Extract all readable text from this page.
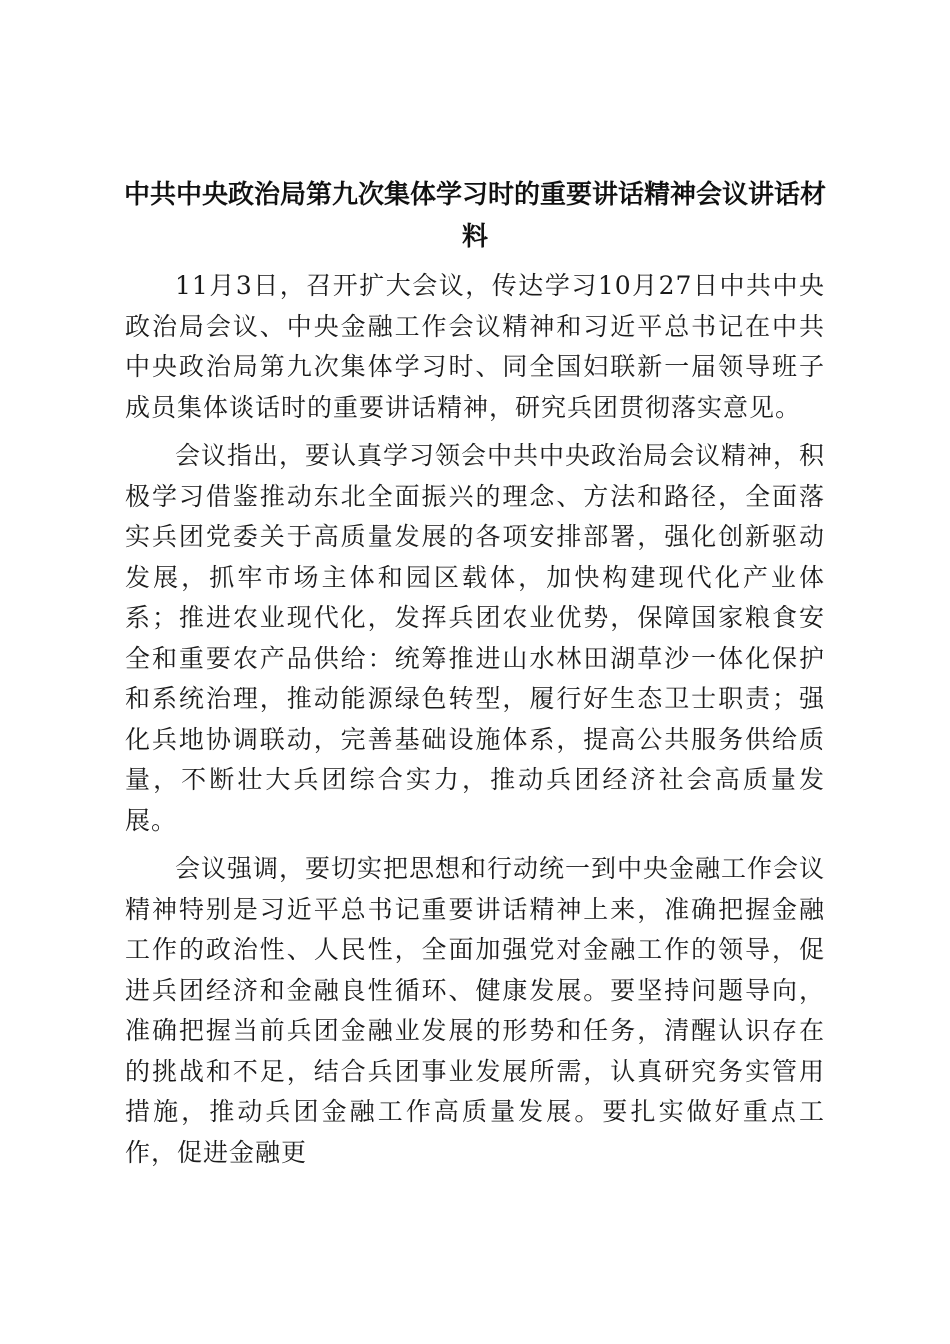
中共中央政治局第九次集体学习时的重要讲话精神会议讲话材料

11月3日，召开扩大会议，传达学习10月27日中共中央政治局会议、中央金融工作会议精神和习近平总书记在中共中央政治局第九次集体学习时、同全国妇联新一届领导班子成员集体谈话时的重要讲话精神，研究兵团贯彻落实意见。

会议指出，要认真学习领会中共中央政治局会议精神，积极学习借鉴推动东北全面振兴的理念、方法和路径，全面落实兵团党委关于高质量发展的各项安排部署，强化创新驱动发展，抓牢市场主体和园区载体，加快构建现代化产业体系；推进农业现代化，发挥兵团农业优势，保障国家粮食安全和重要农产品供给：统筹推进山水林田湖草沙一体化保护和系统治理，推动能源绿色转型，履行好生态卫士职责；强化兵地协调联动，完善基础设施体系，提高公共服务供给质量，不断壮大兵团综合实力，推动兵团经济社会高质量发展。

会议强调，要切实把思想和行动统一到中央金融工作会议精神特别是习近平总书记重要讲话精神上来，准确把握金融工作的政治性、人民性，全面加强党对金融工作的领导，促进兵团经济和金融良性循环、健康发展。要坚持问题导向，准确把握当前兵团金融业发展的形势和任务，清醒认识存在的挑战和不足，结合兵团事业发展所需，认真研究务实管用措施，推动兵团金融工作高质量发展。要扎实做好重点工作，促进金融更
